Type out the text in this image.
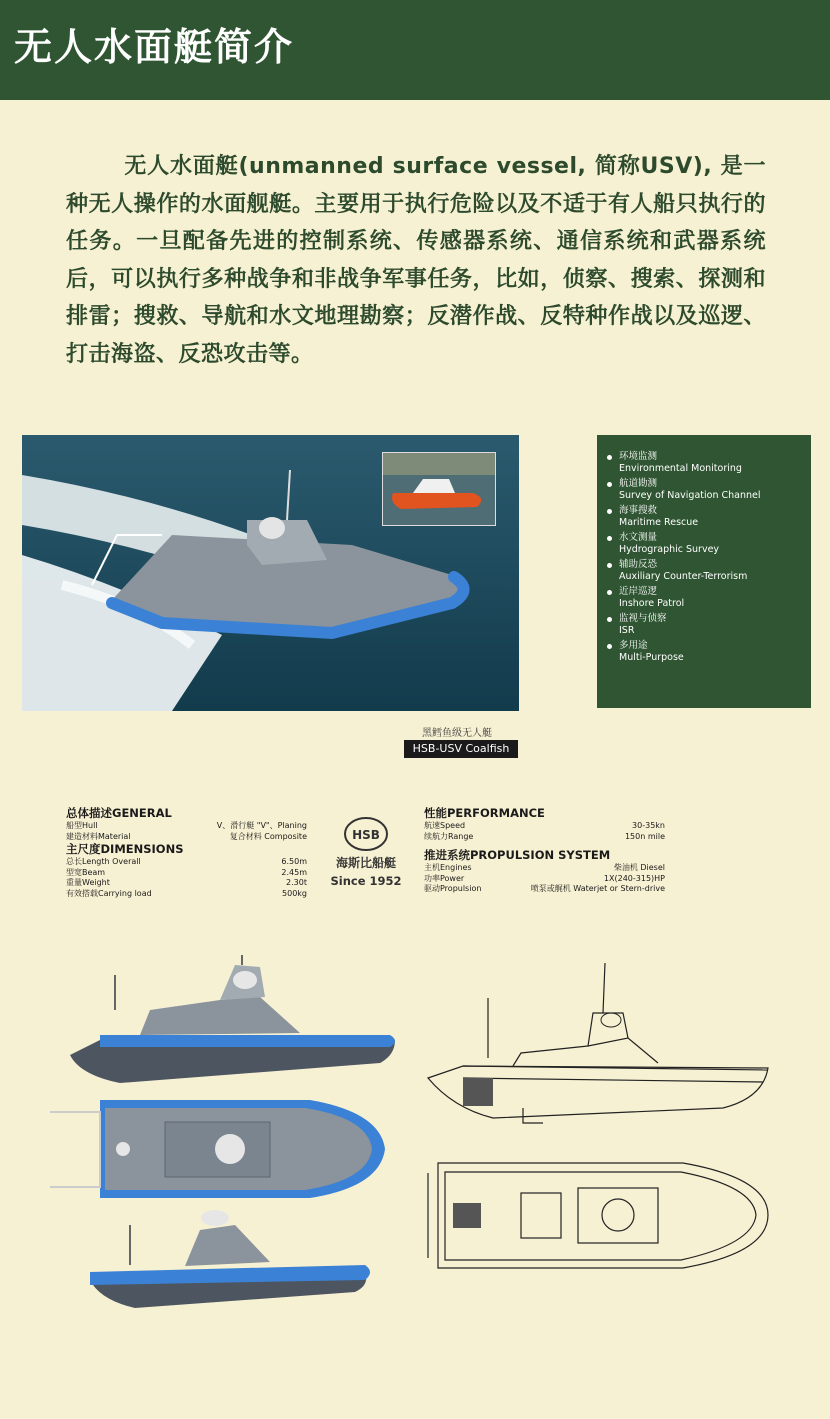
无人水面艇简介
无人水面艇(unmanned surface vessel, 简称USV), 是一种无人操作的水面舰艇。主要用于执行危险以及不适于有人船只执行的任务。一旦配备先进的控制系统、传感器系统、通信系统和武器系统后，可以执行多种战争和非战争军事任务，比如，侦察、搜索、探测和排雷；搜救、导航和水文地理勘察；反潜作战、反特种作战以及巡逻、打击海盗、反恐攻击等。
环境监测
Environmental Monitoring
航道勘测
Survey of Navigation Channel
海事搜救
Maritime Rescue
水文测量
Hydrographic Survey
辅助反恐
Auxiliary Counter-Terrorism
近岸巡逻
Inshore Patrol
监视与侦察
ISR
多用途
Multi-Purpose
黑鳕鱼级无人艇
HSB-USV Coalfish
总体描述GENERAL
船型Hull	V、滑行艇 "V"、Planing
建造材料Material	复合材料 Composite
主尺度DIMENSIONS
总长Length Overall	6.50m
型宽Beam	2.45m
重量Weight	2.30t
有效搭载Carrying load	500kg
HSB
海斯比船艇
Since 1952
性能PERFORMANCE
航速Speed	30-35kn
续航力Range	150n mile
推进系统PROPULSION SYSTEM
主机Engines	柴油机 Diesel
功率Power	1X(240-315)HP
驱动Propulsion	喷泵或艉机 Waterjet or Stern-drive
